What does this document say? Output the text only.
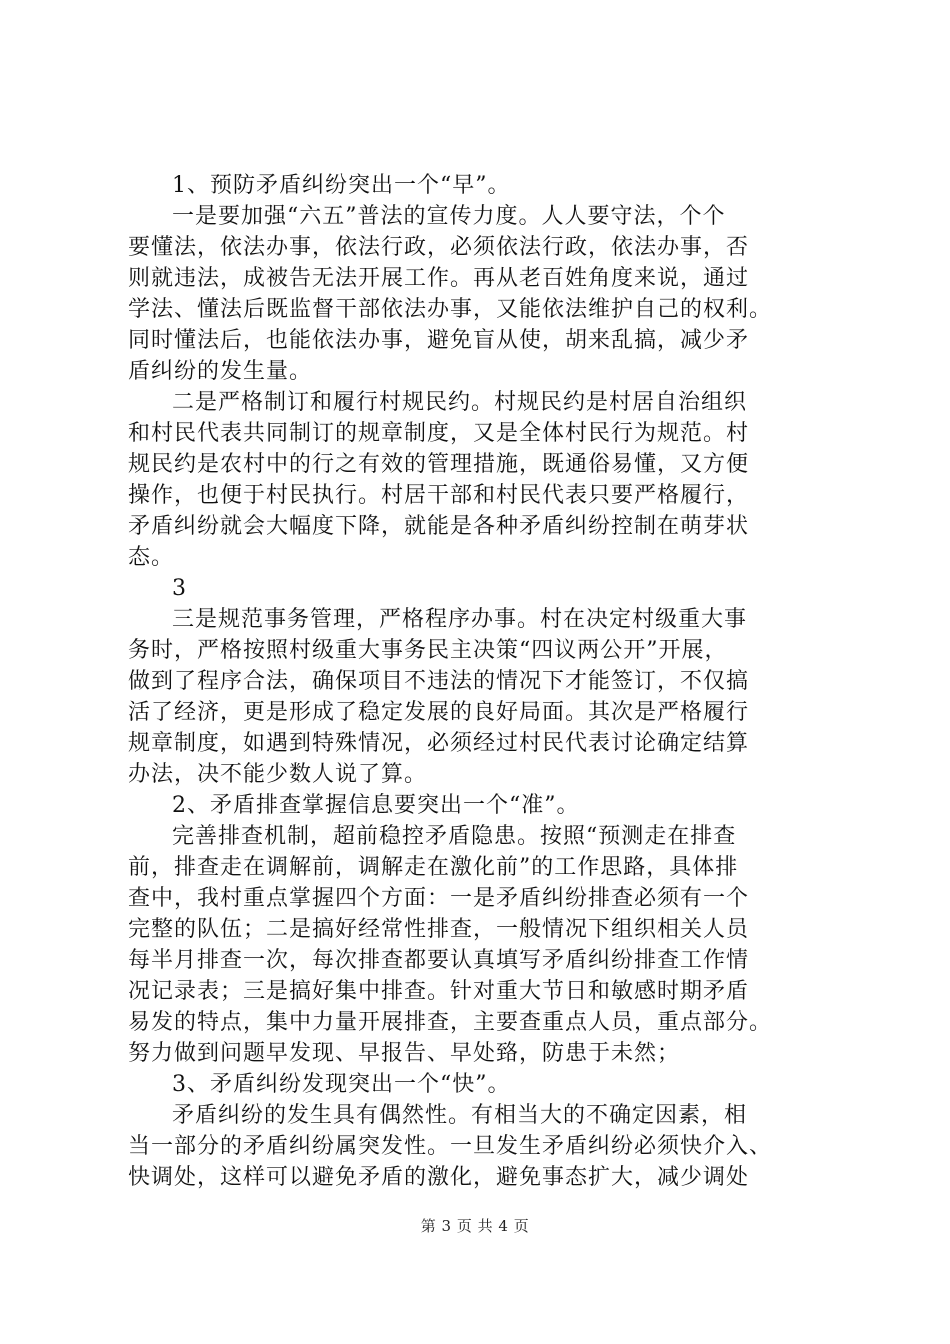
1、预防矛盾纠纷突出一个“早”。
一是要加强“六五”普法的宣传力度。人人要守法，个个
要懂法，依法办事，依法行政，必须依法行政，依法办事，否
则就违法，成被告无法开展工作。再从老百姓角度来说，通过
学法、懂法后既监督干部依法办事，又能依法维护自己的权利。
同时懂法后，也能依法办事，避免盲从使，胡来乱搞，减少矛
盾纠纷的发生量。
二是严格制订和履行村规民约。村规民约是村居自治组织
和村民代表共同制订的规章制度，又是全体村民行为规范。村
规民约是农村中的行之有效的管理措施，既通俗易懂，又方便
操作，也便于村民执行。村居干部和村民代表只要严格履行，
矛盾纠纷就会大幅度下降，就能是各种矛盾纠纷控制在萌芽状
态。
3
三是规范事务管理，严格程序办事。村在决定村级重大事
务时，严格按照村级重大事务民主决策“四议两公开”开展，
做到了程序合法，确保项目不违法的情况下才能签订，不仅搞
活了经济，更是形成了稳定发展的良好局面。其次是严格履行
规章制度，如遇到特殊情况，必须经过村民代表讨论确定结算
办法，决不能少数人说了算。
2、矛盾排查掌握信息要突出一个“准”。
完善排查机制，超前稳控矛盾隐患。按照“预测走在排查
前，排查走在调解前，调解走在激化前”的工作思路，具体排
查中，我村重点掌握四个方面：一是矛盾纠纷排查必须有一个
完整的队伍；二是搞好经常性排查，一般情况下组织相关人员
每半月排查一次，每次排查都要认真填写矛盾纠纷排查工作情
况记录表；三是搞好集中排查。针对重大节日和敏感时期矛盾
易发的特点，集中力量开展排查，主要查重点人员，重点部分。
努力做到问题早发现、早报告、早处臵，防患于未然；
3、矛盾纠纷发现突出一个“快”。
矛盾纠纷的发生具有偶然性。有相当大的不确定因素，相
当一部分的矛盾纠纷属突发性。一旦发生矛盾纠纷必须快介入、
快调处，这样可以避免矛盾的激化，避免事态扩大，减少调处
第 3 页 共 4 页
